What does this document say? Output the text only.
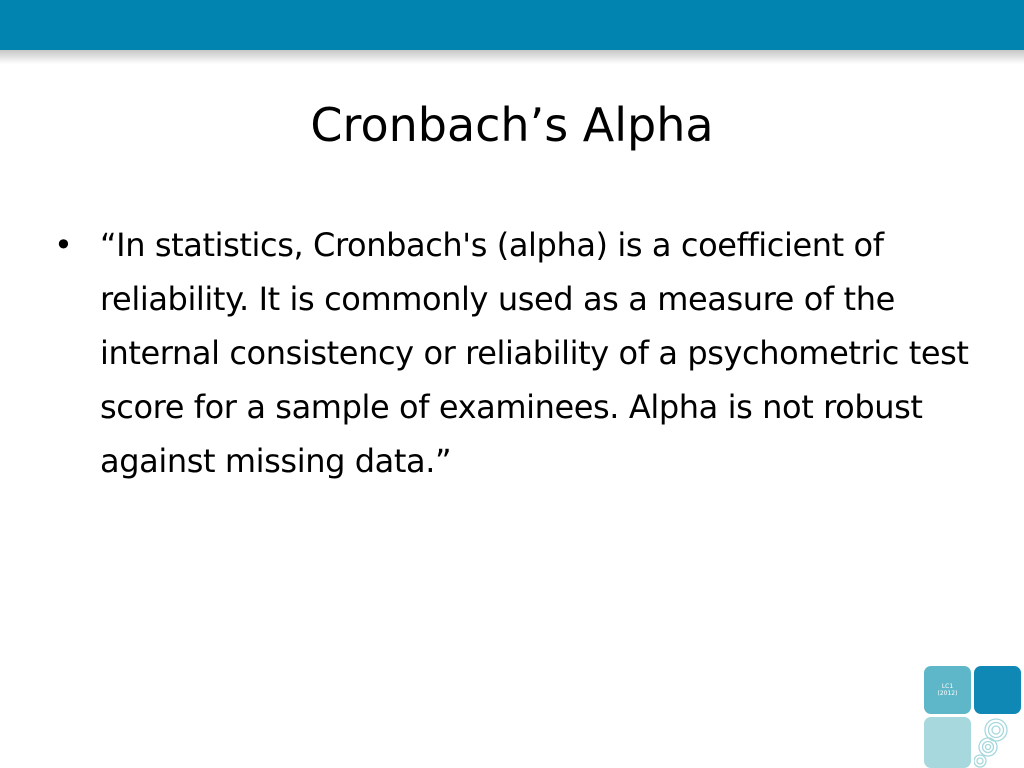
Cronbach’s Alpha
• “In statistics, Cronbach's (alpha) is a coefficient of reliability. It is commonly used as a measure of the internal consistency or reliability of a psychometric test score for a sample of examinees. Alpha is not robust against missing data.”
LC1
(2012)
